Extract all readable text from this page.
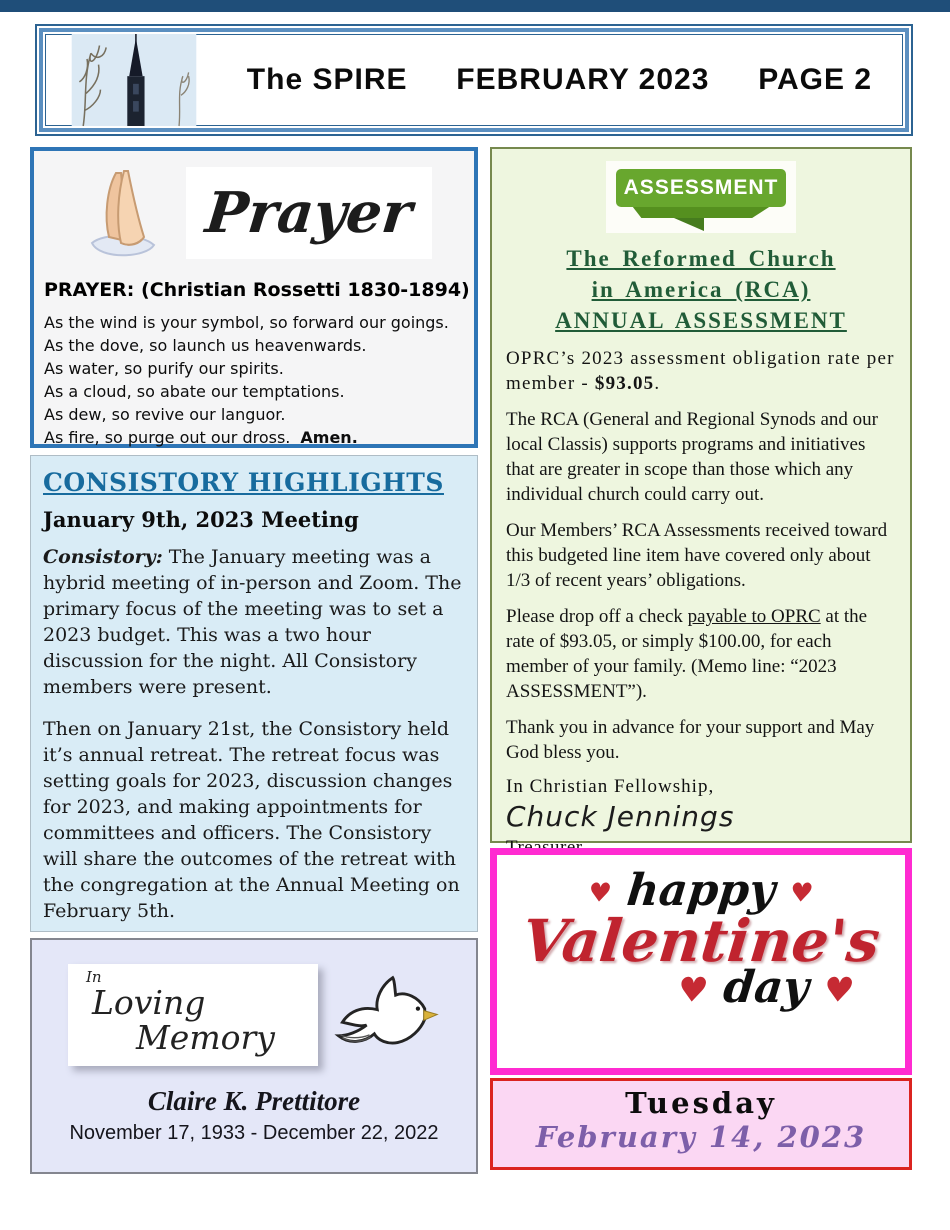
The SPIRE FEBRUARY 2023 PAGE 2
Prayer
PRAYER: (Christian Rossetti 1830-1894)
As the wind is your symbol, so forward our goings.
As the dove, so launch us heavenwards.
As water, so purify our spirits.
As a cloud, so abate our temptations.
As dew, so revive our languor.
As fire, so purge out our dross. Amen.
CONSISTORY HIGHLIGHTS
January 9th, 2023 Meeting
Consistory: The January meeting was a hybrid meeting of in-person and Zoom. The primary focus of the meeting was to set a 2023 budget. This was a two hour discussion for the night. All Consistory members were present.
Then on January 21st, the Consistory held it’s annual retreat. The retreat focus was setting goals for 2023, discussion changes for 2023, and making appointments for committees and officers. The Consistory will share the outcomes of the retreat with the congregation at the Annual Meeting on February 5th.
In
Loving
Memory
Claire K. Prettitore
November 17, 1933 - December 22, 2022
ASSESSMENT
The Reformed Church
in America (RCA)
ANNUAL ASSESSMENT
OPRC’s 2023 assessment obligation rate per member - $93.05.
The RCA (General and Regional Synods and our local Classis) supports programs and initiatives that are greater in scope than those which any individual church could carry out.
Our Members’ RCA Assessments received toward this budgeted line item have covered only about 1/3 of recent years’ obligations.
Please drop off a check payable to OPRC at the rate of $93.05, or simply $100.00, for each member of your family. (Memo line: “2023 ASSESSMENT”).
Thank you in advance for your support and May God bless you.
In Christian Fellowship,
Chuck Jennings
♥ happy ♥
Valentine's
♥ day ♥
Tuesday
February 14, 2023
